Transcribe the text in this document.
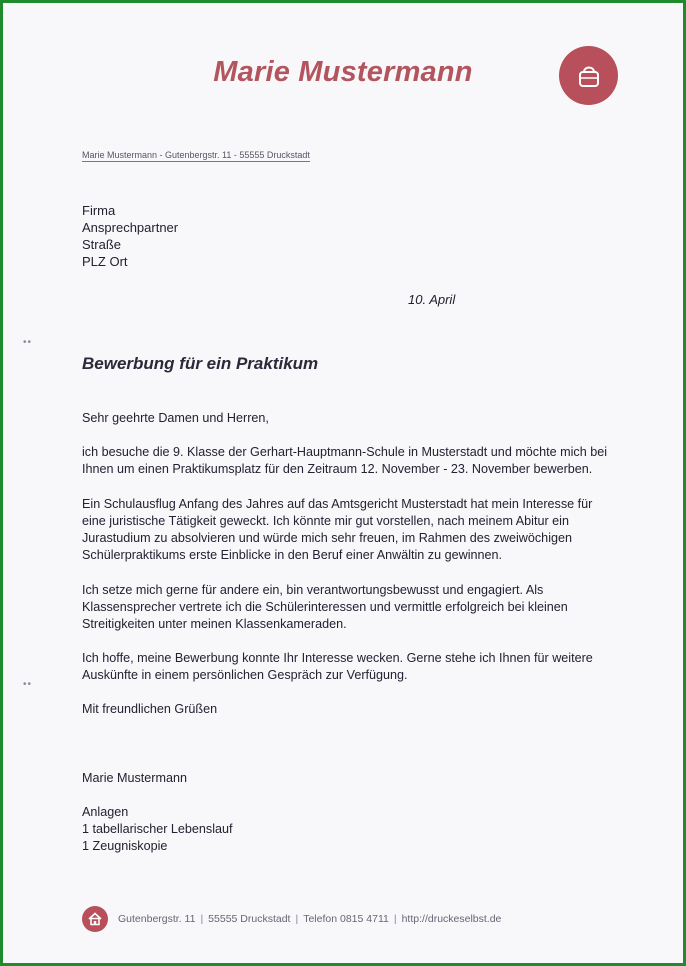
Marie Mustermann
Marie Mustermann - Gutenbergstr. 11 - 55555 Druckstadt
Firma
Ansprechpartner
Straße
PLZ Ort
10. April
••
••
Bewerbung für ein Praktikum
Sehr geehrte Damen und Herren,
ich besuche die 9. Klasse der Gerhart-Hauptmann-Schule in Musterstadt und möchte mich bei
Ihnen um einen Praktikumsplatz für den Zeitraum 12. November - 23. November bewerben.
Ein Schulausflug Anfang des Jahres auf das Amtsgericht Musterstadt hat mein Interesse für
eine juristische Tätigkeit geweckt. Ich könnte mir gut vorstellen, nach meinem Abitur ein
Jurastudium zu absolvieren und würde mich sehr freuen, im Rahmen des zweiwöchigen
Schülerpraktikums erste Einblicke in den Beruf einer Anwältin zu gewinnen.
Ich setze mich gerne für andere ein, bin verantwortungsbewusst und engagiert. Als
Klassensprecher vertrete ich die Schülerinteressen und vermittle erfolgreich bei kleinen
Streitigkeiten unter meinen Klassenkameraden.
Ich hoffe, meine Bewerbung konnte Ihr Interesse wecken. Gerne stehe ich Ihnen für weitere
Auskünfte in einem persönlichen Gespräch zur Verfügung.
Mit freundlichen Grüßen
Marie Mustermann
Anlagen
1 tabellarischer Lebenslauf
1 Zeugniskopie
Gutenbergstr. 11 | 55555 Druckstadt | Telefon 0815 4711 | http://druckeselbst.de
